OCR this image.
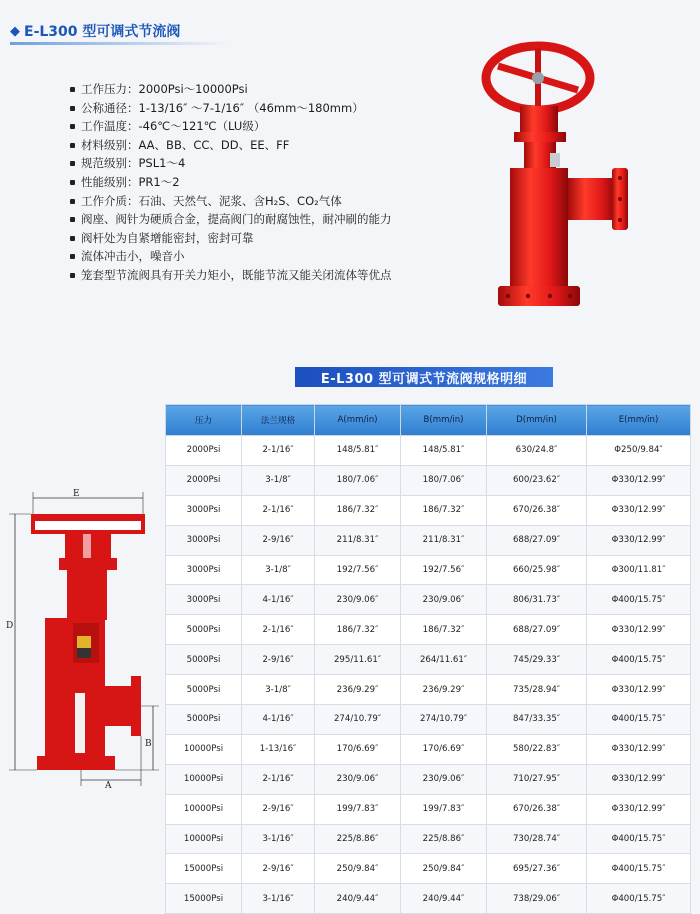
◆ E-L300 型可调式节流阀
工作压力：2000Psi～10000Psi
公称通径：1-13/16″ ～7-1/16″ （46mm～180mm）
工作温度：-46℃～121℃（LU级）
材料级别：AA、BB、CC、DD、EE、FF
规范级别：PSL1～4
性能级别：PR1～2
工作介质：石油、天然气、泥浆、含H₂S、CO₂气体
阀座、阀针为硬质合金，提高阀门的耐腐蚀性，耐冲刷的能力
阀杆处为自紧增能密封，密封可靠
流体冲击小，噪音小
笼套型节流阀具有开关力矩小，既能节流又能关闭流体等优点
E-L300 型可调式节流阀规格明细
E
D
B
A
压力	法兰规格	A(mm/in)	B(mm/in)	D(mm/in)	E(mm/in)
2000Psi	2-1/16″	148/5.81″	148/5.81″	630/24.8″	Φ250/9.84″
2000Psi	3-1/8″	180/7.06″	180/7.06″	600/23.62″	Φ330/12.99″
3000Psi	2-1/16″	186/7.32″	186/7.32″	670/26.38″	Φ330/12.99″
3000Psi	2-9/16″	211/8.31″	211/8.31″	688/27.09″	Φ330/12.99″
3000Psi	3-1/8″	192/7.56″	192/7.56″	660/25.98″	Φ300/11.81″
3000Psi	4-1/16″	230/9.06″	230/9.06″	806/31.73″	Φ400/15.75″
5000Psi	2-1/16″	186/7.32″	186/7.32″	688/27.09″	Φ330/12.99″
5000Psi	2-9/16″	295/11.61″	264/11.61″	745/29.33″	Φ400/15.75″
5000Psi	3-1/8″	236/9.29″	236/9.29″	735/28.94″	Φ330/12.99″
5000Psi	4-1/16″	274/10.79″	274/10.79″	847/33.35″	Φ400/15.75″
10000Psi	1-13/16″	170/6.69″	170/6.69″	580/22.83″	Φ330/12.99″
10000Psi	2-1/16″	230/9.06″	230/9.06″	710/27.95″	Φ330/12.99″
10000Psi	2-9/16″	199/7.83″	199/7.83″	670/26.38″	Φ330/12.99″
10000Psi	3-1/16″	225/8.86″	225/8.86″	730/28.74″	Φ400/15.75″
15000Psi	2-9/16″	250/9.84″	250/9.84″	695/27.36″	Φ400/15.75″
15000Psi	3-1/16″	240/9.44″	240/9.44″	738/29.06″	Φ400/15.75″
